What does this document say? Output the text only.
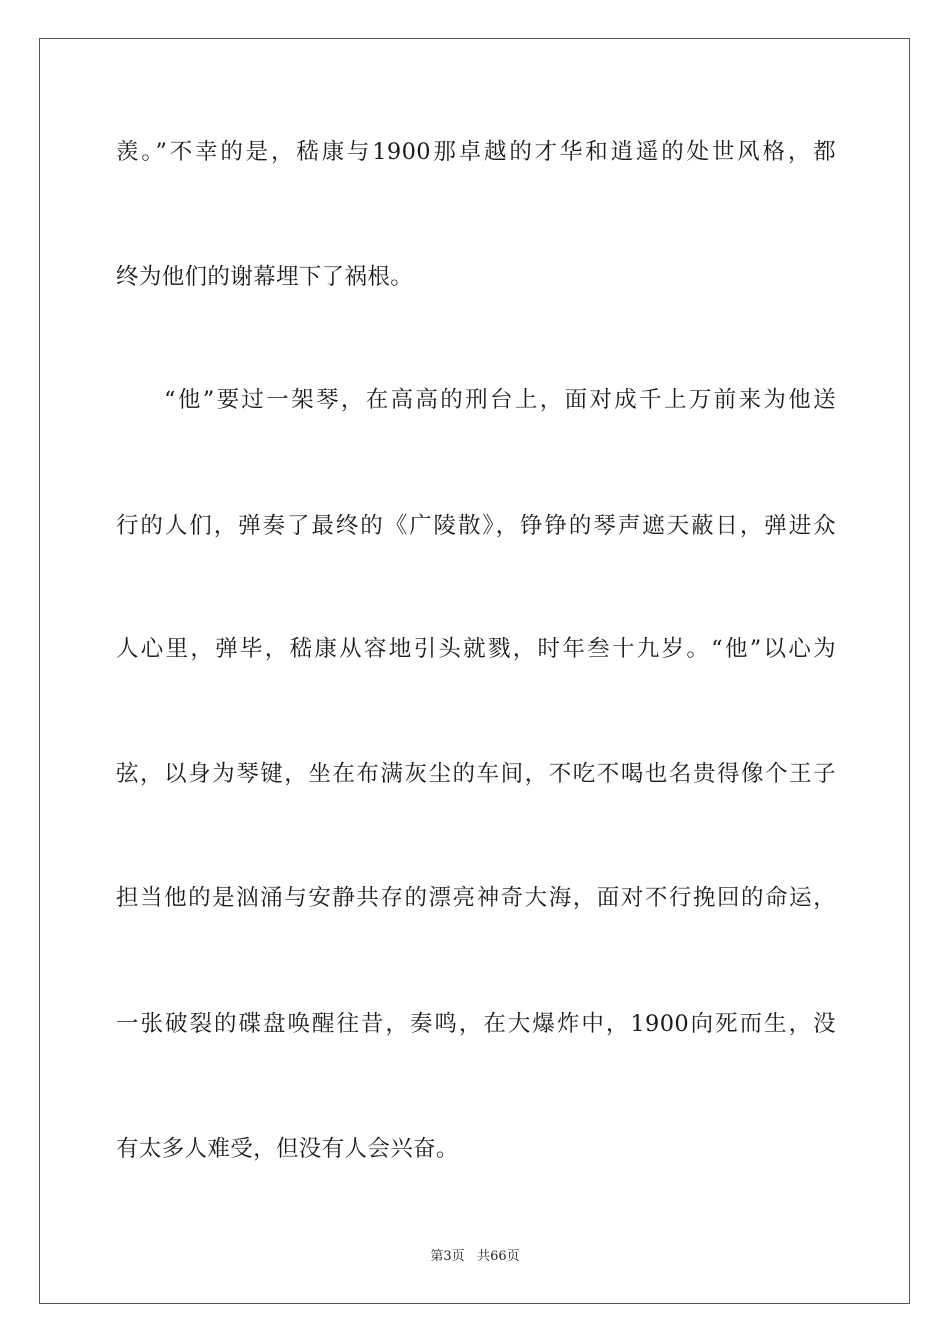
羡。”不幸的是，嵇康与1900那卓越的才华和逍遥的处世风格，都
终为他们的谢幕埋下了祸根。
“他”要过一架琴，在高高的刑台上，面对成千上万前来为他送
行的人们，弹奏了最终的《广陵散》，铮铮的琴声遮天蔽日，弹进众
人心里，弹毕，嵇康从容地引头就戮，时年叁十九岁。“他”以心为
弦，以身为琴键，坐在布满灰尘的车间，不吃不喝也名贵得像个王子
担当他的是汹涌与安静共存的漂亮神奇大海，面对不行挽回的命运，
一张破裂的碟盘唤醒往昔，奏鸣，在大爆炸中，1900向死而生，没
有太多人难受，但没有人会兴奋。
第3页 共66页
